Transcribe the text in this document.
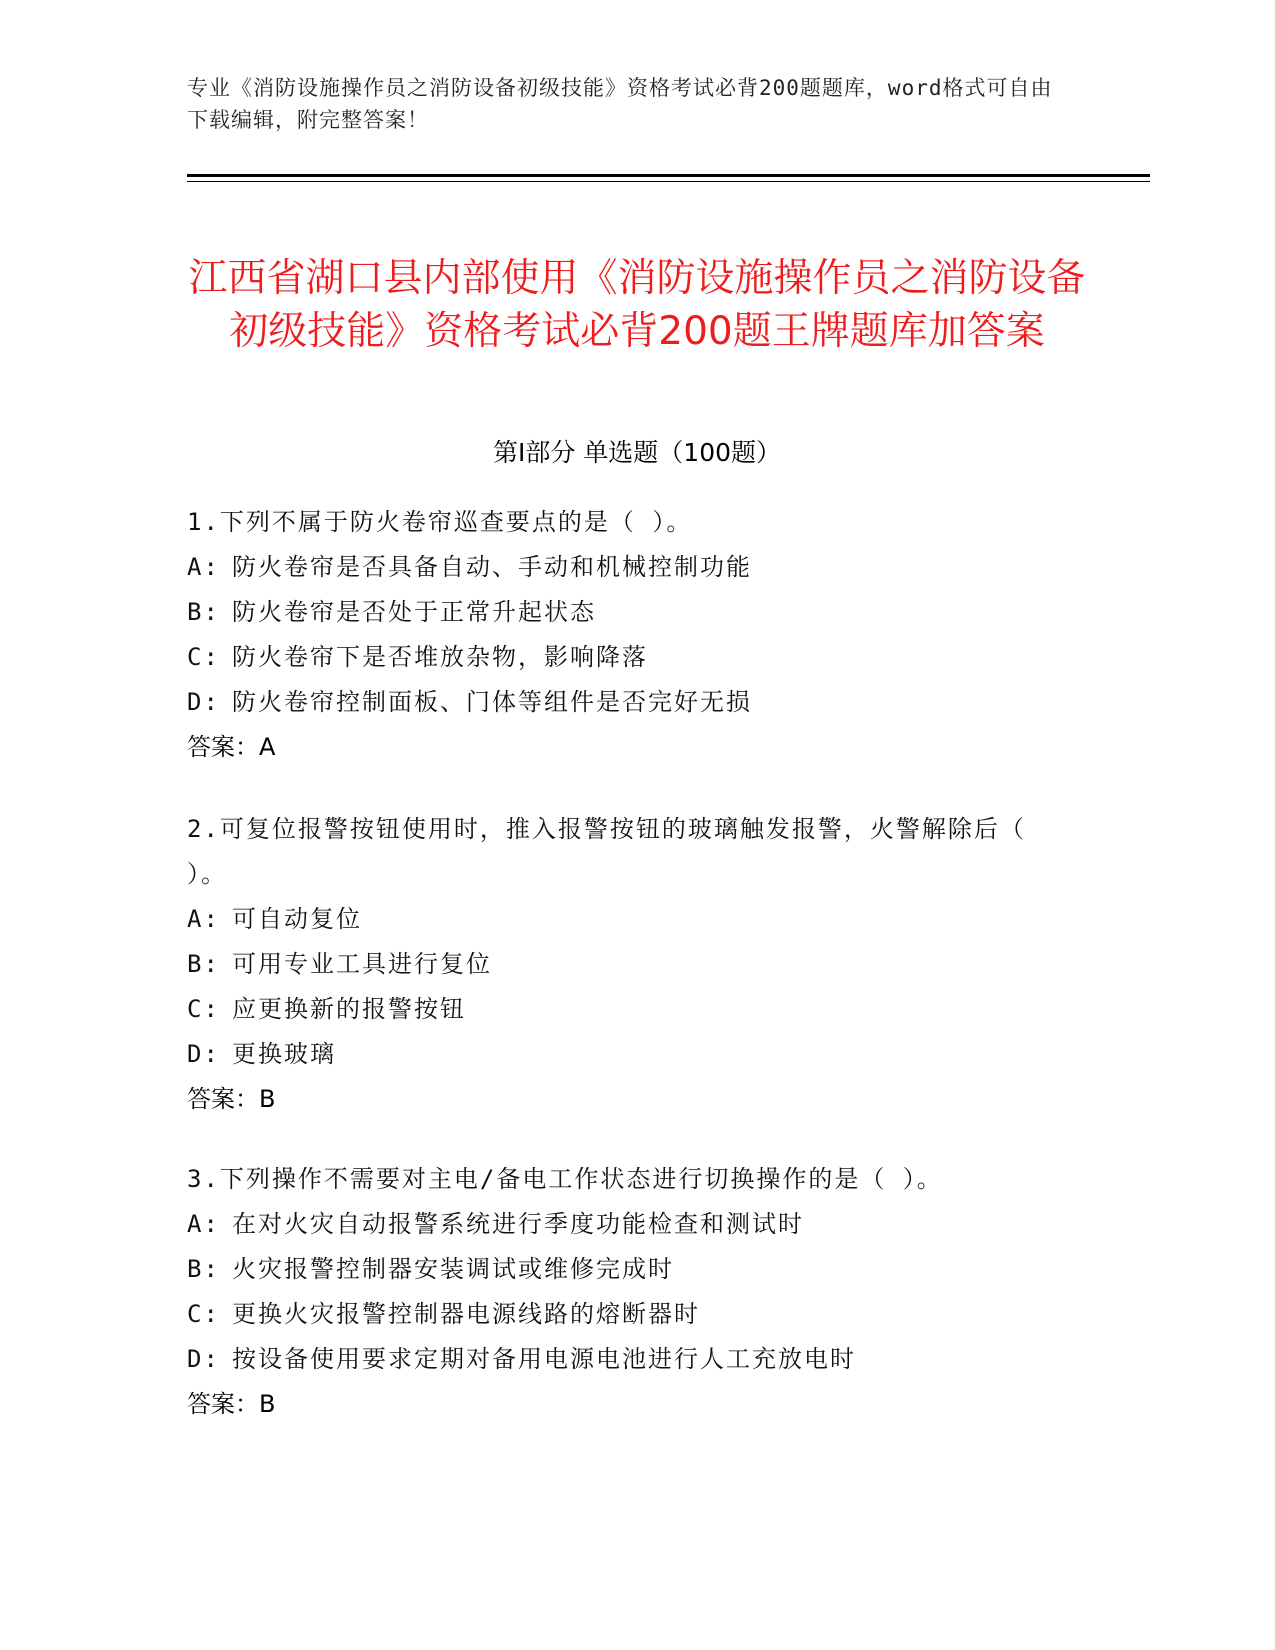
专业《消防设施操作员之消防设备初级技能》资格考试必背200题题库，word格式可自由下载编辑，附完整答案！
江西省湖口县内部使用《消防设施操作员之消防设备初级技能》资格考试必背200题王牌题库加答案
第Ⅰ部分 单选题（100题）

1.下列不属于防火卷帘巡查要点的是（ ）。

A: 防火卷帘是否具备自动、手动和机械控制功能

B: 防火卷帘是否处于正常升起状态

C: 防火卷帘下是否堆放杂物，影响降落

D: 防火卷帘控制面板、门体等组件是否完好无损

答案：A

2.可复位报警按钮使用时，推入报警按钮的玻璃触发报警，火警解除后（ ）。

A: 可自动复位

B: 可用专业工具进行复位

C: 应更换新的报警按钮

D: 更换玻璃

答案：B

3.下列操作不需要对主电/备电工作状态进行切换操作的是（ ）。

A: 在对火灾自动报警系统进行季度功能检查和测试时

B: 火灾报警控制器安装调试或维修完成时

C: 更换火灾报警控制器电源线路的熔断器时

D: 按设备使用要求定期对备用电源电池进行人工充放电时

答案：B
